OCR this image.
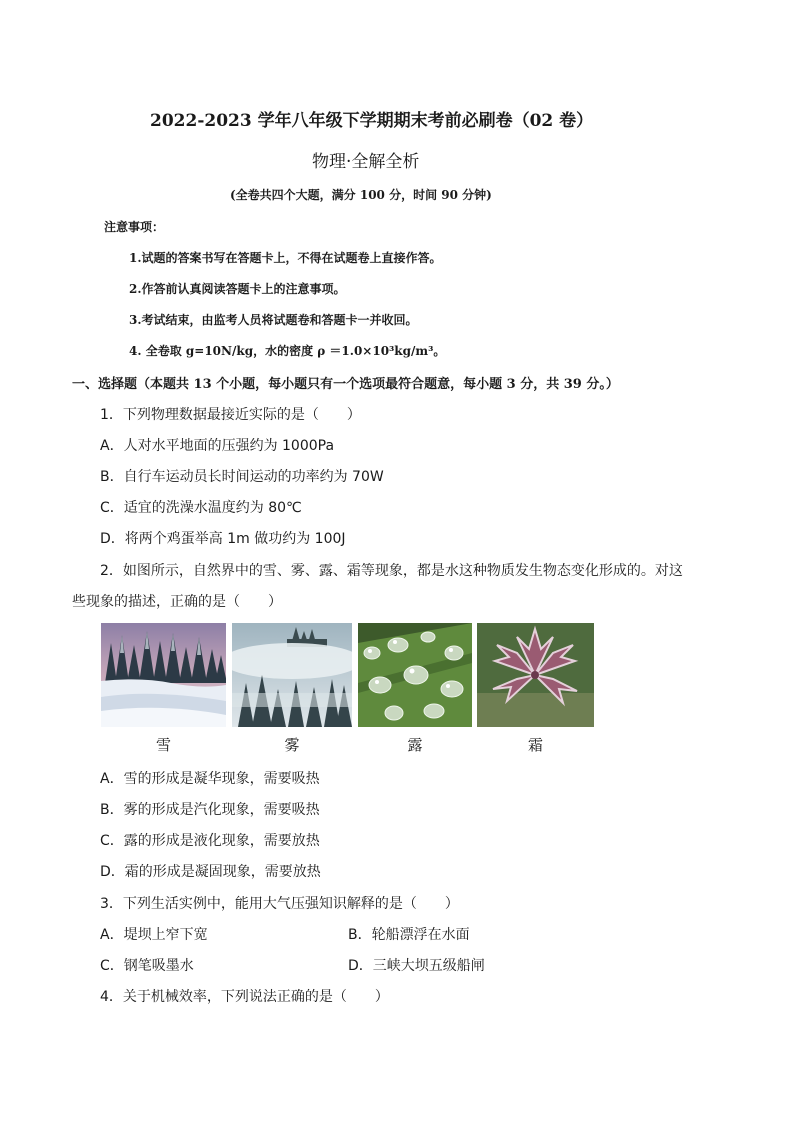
2022-2023 学年八年级下学期期末考前必刷卷（02 卷）
物理·全解全析
(全卷共四个大题，满分 100 分，时间 90 分钟)
注意事项：
1.试题的答案书写在答题卡上，不得在试题卷上直接作答。
2.作答前认真阅读答题卡上的注意事项。
3.考试结束，由监考人员将试题卷和答题卡一并收回。
4. 全卷取 g=10N/kg，水的密度 ρ ＝1.0×10³kg/m³。
一、选择题（本题共 13 个小题，每小题只有一个选项最符合题意，每小题 3 分，共 39 分。）
1．下列物理数据最接近实际的是（　　）
A．人对水平地面的压强约为 1000Pa
B．自行车运动员长时间运动的功率约为 70W
C．适宜的洗澡水温度约为 80℃
D．将两个鸡蛋举高 1m 做功约为 100J
2．如图所示，自然界中的雪、雾、露、霜等现象，都是水这种物质发生物态变化形成的。对这
些现象的描述，正确的是（　　）
雪	雾	露	霜
A．雪的形成是凝华现象，需要吸热
B．雾的形成是汽化现象，需要吸热
C．露的形成是液化现象，需要放热
D．霜的形成是凝固现象，需要放热
3．下列生活实例中，能用大气压强知识解释的是（　　）
A．堤坝上窄下宽	B．轮船漂浮在水面
C．钢笔吸墨水	D．三峡大坝五级船闸
4．关于机械效率，下列说法正确的是（　　）
